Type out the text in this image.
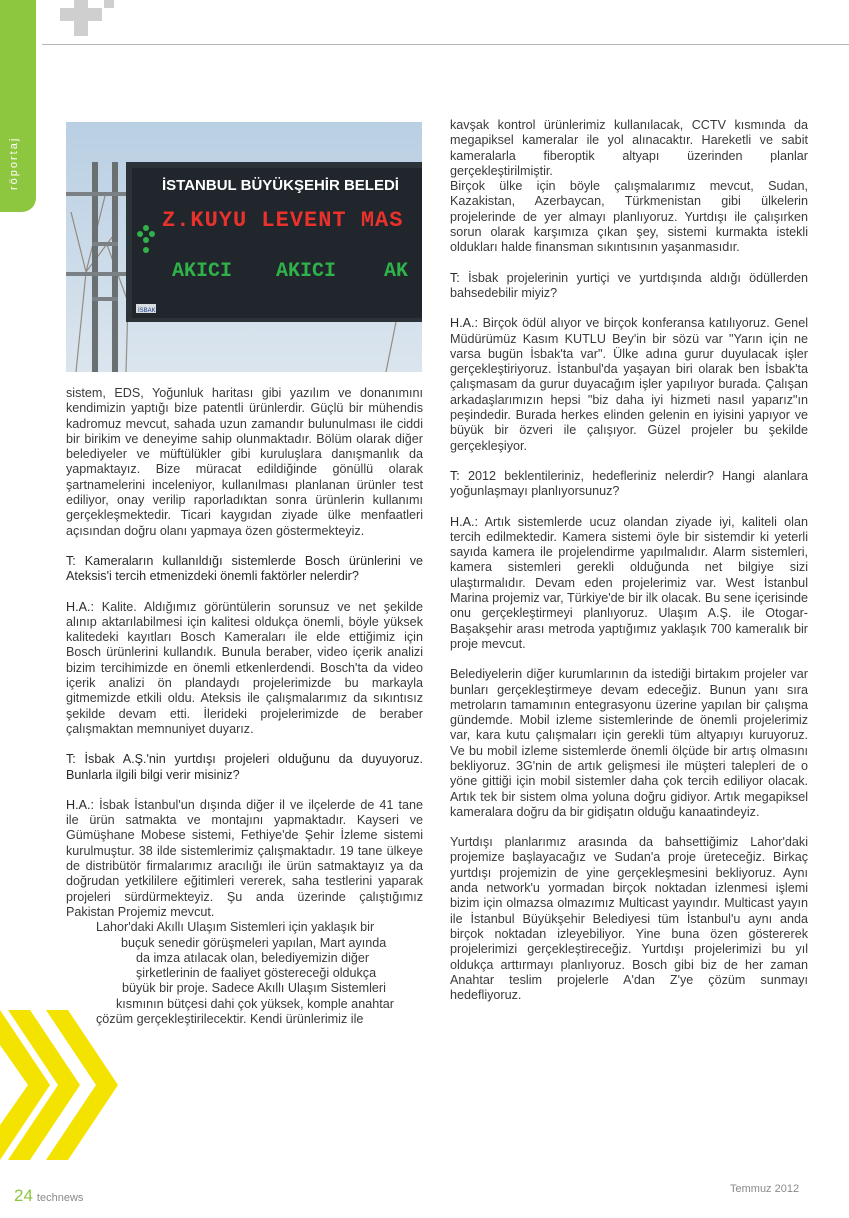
röportaj	İSTANBUL BÜYÜKŞEHİR BELEDİ
Z.KUYU LEVENT MAS
AKICI AKICI AK
İSBAK

sistem, EDS, Yoğunluk haritası gibi yazılım ve donanımını kendimizin yaptığı bize patentli ürünlerdir. Güçlü bir mühendis kadromuz mevcut, sahada uzun zamandır bulunulması ile ciddi bir birikim ve deneyime sahip olunmaktadır. Bölüm olarak diğer belediyeler ve müftülükler gibi kuruluşlara danışmanlık da yapmaktayız. Bize müracat edildiğinde gönüllü olarak şartnamelerini inceleniyor, kullanılması planlanan ürünler test ediliyor, onay verilip raporladıktan sonra ürünlerin kullanımı gerçekleşmektedir. Ticari kaygıdan ziyade ülke menfaatleri açısından doğru olanı yapmaya özen göstermekteyiz.

T: Kameraların kullanıldığı sistemlerde Bosch ürünlerini ve Ateksis'i tercih etmenizdeki önemli faktörler nelerdir?

H.A.: Kalite. Aldığımız görüntülerin sorunsuz ve net şekilde alınıp aktarılabilmesi için kalitesi oldukça önemli, böyle yüksek kalitedeki kayıtları Bosch Kameraları ile elde ettiğimiz için Bosch ürünlerini kullandık. Bunula beraber, video içerik analizi bizim tercihimizde en önemli etkenlerdendi. Bosch'ta da video içerik analizi ön plandaydı projelerimizde bu markayla gitmemizde etkili oldu. Ateksis ile çalışmalarımız da sıkıntısız şekilde devam etti. İlerideki projelerimizde de beraber çalışmaktan memnuniyet duyarız.

T: İsbak A.Ş.'nin yurtdışı projeleri olduğunu da duyuyoruz. Bunlarla ilgili bilgi verir misiniz?

H.A.: İsbak İstanbul'un dışında diğer il ve ilçelerde de 41 tane ile ürün satmakta ve montajını yapmaktadır. Kayseri ve Gümüşhane Mobese sistemi, Fethiye'de Şehir İzleme sistemi kurulmuştur. 38 ilde sistemlerimiz çalışmaktadır. 19 tane ülkeye de distribütör firmalarımız aracılığı ile ürün satmaktayız ya da doğrudan yetkililere eğitimleri vererek, saha testlerini yaparak projeleri sürdürmekteyiz. Şu anda üzerinde çalıştığımız Pakistan Projemiz mevcut.

Lahor'daki Akıllı Ulaşım Sistemleri için yaklaşık bir
buçuk senedir görüşmeleri yapılan, Mart ayında
da imza atılacak olan, belediyemizin diğer
şirketlerinin de faaliyet göstereceği oldukça
büyük bir proje. Sadece Akıllı Ulaşım Sistemleri
kısmının bütçesi dahi çok yüksek, komple anahtar
çözüm gerçekleştirilecektir. Kendi ürünlerimiz ile

kavşak kontrol ürünlerimiz kullanılacak, CCTV kısmında da megapiksel kameralar ile yol alınacaktır. Hareketli ve sabit kameralarla fiberoptik altyapı üzerinden planlar gerçekleştirilmiştir.

Birçok ülke için böyle çalışmalarımız mevcut, Sudan, Kazakistan, Azerbaycan, Türkmenistan gibi ülkelerin projelerinde de yer almayı planlıyoruz. Yurtdışı ile çalışırken sorun olarak karşımıza çıkan şey, sistemi kurmakta istekli oldukları halde finansman sıkıntısının yaşanmasıdır.

T: İsbak projelerinin yurtiçi ve yurtdışında aldığı ödüllerden bahsedebilir miyiz?

H.A.: Birçok ödül alıyor ve birçok konferansa katılıyoruz. Genel Müdürümüz Kasım KUTLU Bey'in bir sözü var "Yarın için ne varsa bugün İsbak'ta var". Ülke adına gurur duyulacak işler gerçekleştiriyoruz. İstanbul'da yaşayan biri olarak ben İsbak'ta çalışmasam da gurur duyacağım işler yapılıyor burada. Çalışan arkadaşlarımızın hepsi "biz daha iyi hizmeti nasıl yaparız"ın peşindedir. Burada herkes elinden gelenin en iyisini yapıyor ve büyük bir özveri ile çalışıyor. Güzel projeler bu şekilde gerçekleşiyor.

T: 2012 beklentileriniz, hedefleriniz nelerdir? Hangi alanlara yoğunlaşmayı planlıyorsunuz?

H.A.: Artık sistemlerde ucuz olandan ziyade iyi, kaliteli olan tercih edilmektedir. Kamera sistemi öyle bir sistemdir ki yeterli sayıda kamera ile projelendirme yapılmalıdır. Alarm sistemleri, kamera sistemleri gerekli olduğunda net bilgiye sizi ulaştırmalıdır. Devam eden projelerimiz var. West İstanbul Marina projemiz var, Türkiye'de bir ilk olacak. Bu sene içerisinde onu gerçekleştirmeyi planlıyoruz. Ulaşım A.Ş. ile Otogar- Başakşehir arası metroda yaptığımız yaklaşık 700 kameralık bir proje mevcut.

Belediyelerin diğer kurumlarının da istediği birtakım projeler var bunları gerçekleştirmeye devam edeceğiz. Bunun yanı sıra metroların tamamının entegrasyonu üzerine yapılan bir çalışma gündemde. Mobil izleme sistemlerinde de önemli projelerimiz var, kara kutu çalışmaları için gerekli tüm altyapıyı kuruyoruz. Ve bu mobil izleme sistemlerde önemli ölçüde bir artış olmasını bekliyoruz. 3G'nin de artık gelişmesi ile müşteri talepleri de o yöne gittiği için mobil sistemler daha çok tercih ediliyor olacak. Artık tek bir sistem olma yoluna doğru gidiyor. Artık megapiksel kameralara doğru da bir gidişatın olduğu kanaatindeyiz.

Yurtdışı planlarımız arasında da bahsettiğimiz Lahor'daki projemize başlayacağız ve Sudan'a proje üreteceğiz. Birkaç yurtdışı projemizin de yine gerçekleşmesini bekliyoruz. Aynı anda network'u yormadan birçok noktadan izlenmesi işlemi bizim için olmazsa olmazımız Multicast yayındır. Multicast yayın ile İstanbul Büyükşehir Belediyesi tüm İstanbul'u aynı anda birçok noktadan izleyebiliyor. Yine buna özen göstererek projelerimizi gerçekleştireceğiz. Yurtdışı projelerimizi bu yıl oldukça arttırmayı planlıyoruz. Bosch gibi biz de her zaman Anahtar teslim projelerle A'dan Z'ye çözüm sunmayı hedefliyoruz.

24 technews
Temmuz 2012
